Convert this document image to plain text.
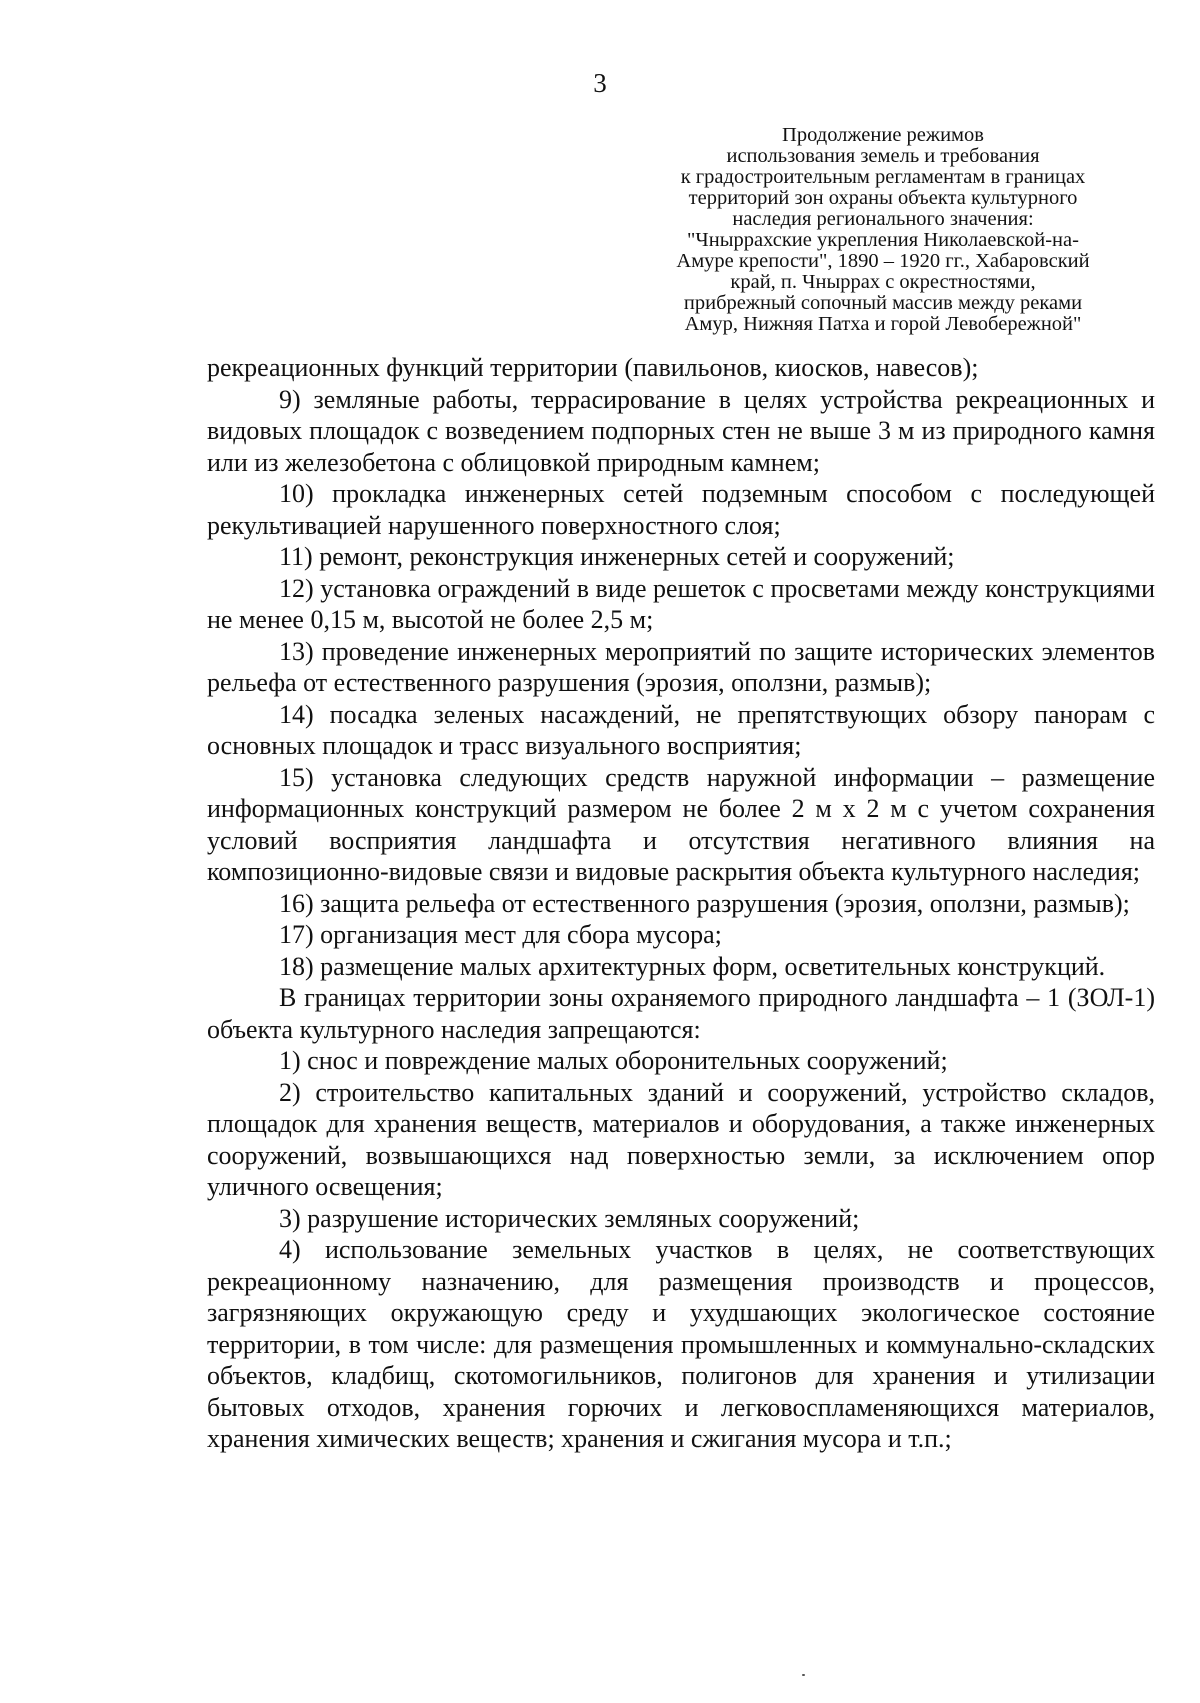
3
Продолжение режимов
использования земель и требования
к градостроительным регламентам в границах
территорий зон охраны объекта культурного
наследия регионального значения:
"Чныррахские укрепления Николаевской-на-
Амуре крепости", 1890 – 1920 гг., Хабаровский
край, п. Чныррах с окрестностями,
прибрежный сопочный массив между реками
Амур, Нижняя Патха и горой Левобережной"

рекреационных функций территории (павильонов, киосков, навесов);

9) земляные работы, террасирование в целях устройства рекреационных и видовых площадок с возведением подпорных стен не выше 3 м из природного камня или из железобетона с облицовкой природным камнем;

10) прокладка инженерных сетей подземным способом с последующей рекультивацией нарушенного поверхностного слоя;

11) ремонт, реконструкция инженерных сетей и сооружений;

12) установка ограждений в виде решеток с просветами между конструкциями не менее 0,15 м, высотой не более 2,5 м;

13) проведение инженерных мероприятий по защите исторических элементов рельефа от естественного разрушения (эрозия, оползни, размыв);

14) посадка зеленых насаждений, не препятствующих обзору панорам с основных площадок и трасс визуального восприятия;

15) установка следующих средств наружной информации – размещение информационных конструкций размером не более 2 м х 2 м с учетом сохранения условий восприятия ландшафта и отсутствия негативного влияния на композиционно-видовые связи и видовые раскрытия объекта культурного наследия;

16) защита рельефа от естественного разрушения (эрозия, оползни, размыв);

17) организация мест для сбора мусора;

18) размещение малых архитектурных форм, осветительных конструкций.

В границах территории зоны охраняемого природного ландшафта – 1 (ЗОЛ-1) объекта культурного наследия запрещаются:

1) снос и повреждение малых оборонительных сооружений;

2) строительство капитальных зданий и сооружений, устройство складов, площадок для хранения веществ, материалов и оборудования, а также инженерных сооружений, возвышающихся над поверхностью земли, за исключением опор уличного освещения;

3) разрушение исторических земляных сооружений;

4) использование земельных участков в целях, не соответствующих рекреационному назначению, для размещения производств и процессов, загрязняющих окружающую среду и ухудшающих экологическое состояние территории, в том числе: для размещения промышленных и коммунально-складских объектов, кладбищ, скотомогильников, полигонов для хранения и утилизации бытовых отходов, хранения горючих и легковоспламеняющихся материалов, хранения химических веществ; хранения и сжигания мусора и т.п.;
